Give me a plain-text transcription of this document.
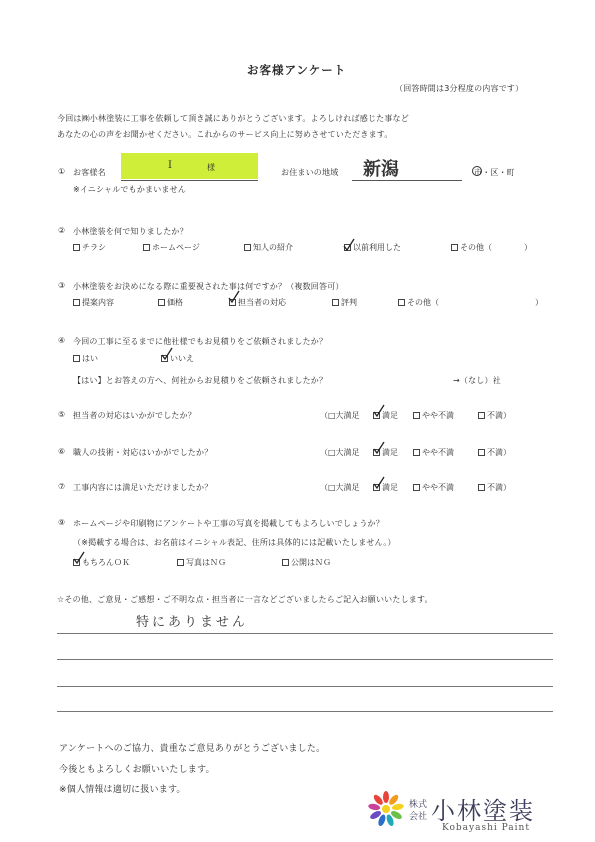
お客様アンケート
（回答時間は3分程度の内容です）
今回は㈱小林塗装に工事を依頼して頂き誠にありがとうございます。よろしければ感じた事など
あなたの心の声をお聞かせください。これからのサービス向上に努めさせていただきます。
① お客様名
I	様
お住まいの地域 新潟	市・区・町
※イニシャルでもかまいません
② 小林塗装を何で知りましたか？
チラシ	ホームページ	知人の紹介	以前利用した	その他（　　　　）
③ 小林塗装をお決めになる際に重要視された事は何ですか？（複数回答可）
提案内容	価格	担当者の対応	評判	その他（　　　　　　　　　　　　）
④ 今回の工事に至るまでに他社様でもお見積りをご依頼されましたか？
はい	いいえ
【はい】とお答えの方へ、何社からお見積りをご依頼されましたか？	→（なし）社
⑤ 担当者の対応はいかがでしたか？	（□大満足	満足	やや不満	不満）
⑥ 職人の技術・対応はいかがでしたか？	（□大満足	満足	やや不満	不満）
⑦ 工事内容には満足いただけましたか？	（□大満足	満足	やや不満	不満）
⑨ ホームページや印刷物にアンケートや工事の写真を掲載してもよろしいでしょうか？
（※掲載する場合は、お名前はイニシャル表記、住所は具体的には記載いたしません。）
もちろんＯＫ	写真はＮＧ	公開はＮＧ
☆その他、ご意見・ご感想・ご不明な点・担当者に一言などございましたらご記入お願いいたします。
特にありません
アンケートへのご協力、貴重なご意見ありがとうございました。
今後ともよろしくお願いいたします。
※個人情報は適切に扱います。
株式
会社 小林塗装
Kobayashi Paint
